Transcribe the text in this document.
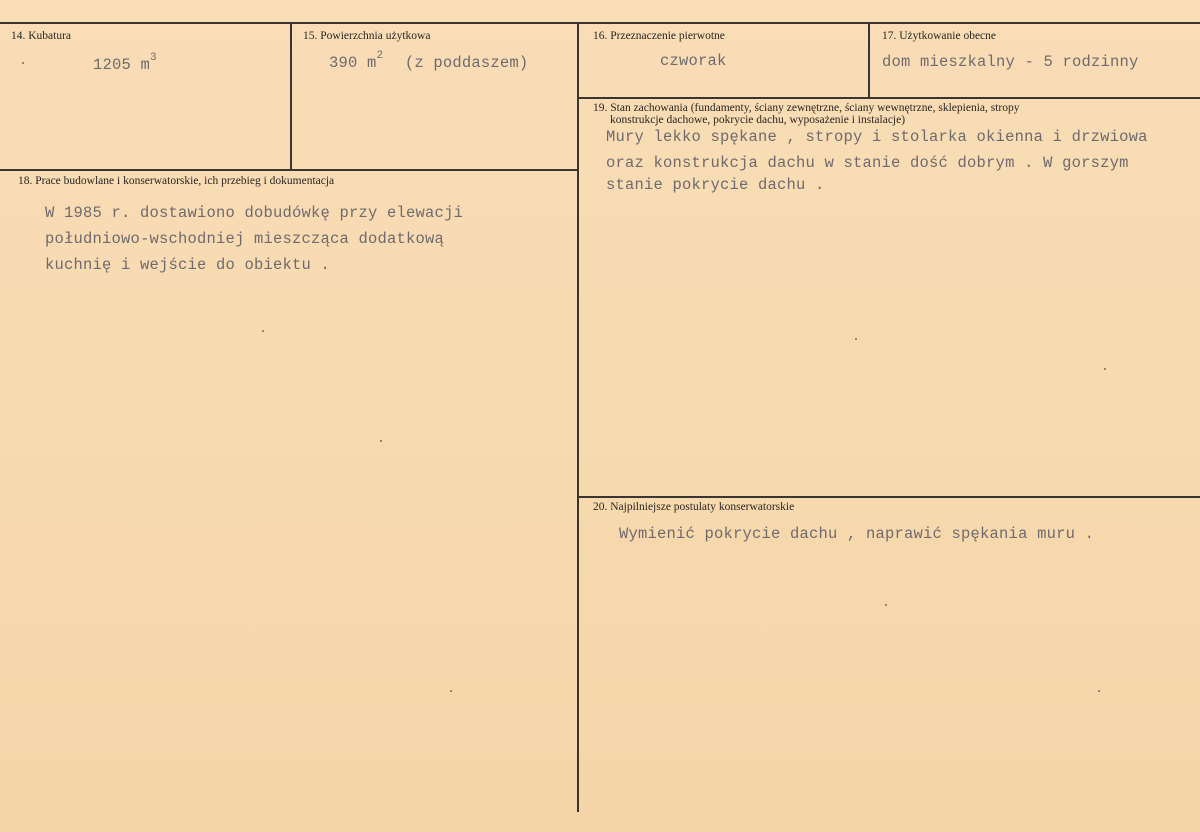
14. Kubatura
1205 $m^3$
15. Powierzchnia użytkowa
390 $m^2$ (z poddaszem)
16. Przeznaczenie pierwotne
czworak
17. Użytkowanie obecne
dom mieszkalny - 5 rodzinny
18. Prace budowlane i konserwatorskie, ich przebieg i dokumentacja
W 1985 r. dostawiono dobudówkę przy elewacji
południowo-wschodniej mieszcząca dodatkową
kuchnię i wejście do obiektu .
19. Stan zachowania (fundamenty, ściany zewnętrzne, ściany wewnętrzne, sklepienia, stropy
konstrukcje dachowe, pokrycie dachu, wyposażenie i instalacje)
Mury lekko spękane , stropy i stolarka okienna i drzwiowa
oraz konstrukcja dachu w stanie dość dobrym . W gorszym
stanie pokrycie dachu .
20. Najpilniejsze postulaty konserwatorskie
Wymienić pokrycie dachu , naprawić spękania muru .
